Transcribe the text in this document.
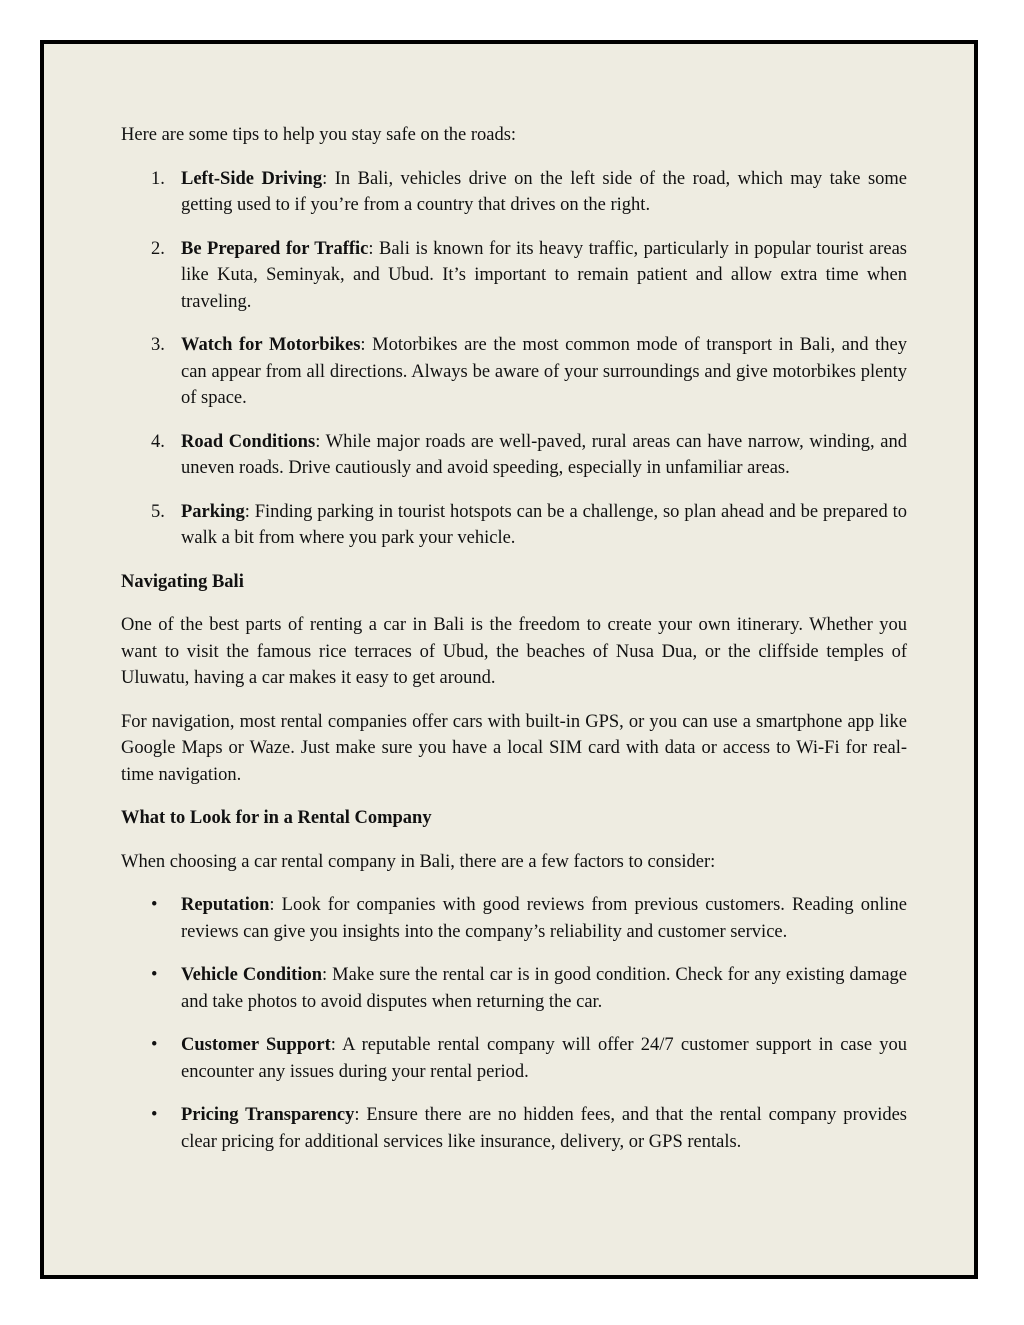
Here are some tips to help you stay safe on the roads:

1. Left-Side Driving: In Bali, vehicles drive on the left side of the road, which may take some getting used to if you’re from a country that drives on the right.
2. Be Prepared for Traffic: Bali is known for its heavy traffic, particularly in popular tourist areas like Kuta, Seminyak, and Ubud. It’s important to remain patient and allow extra time when traveling.
3. Watch for Motorbikes: Motorbikes are the most common mode of transport in Bali, and they can appear from all directions. Always be aware of your surroundings and give motorbikes plenty of space.
4. Road Conditions: While major roads are well-paved, rural areas can have narrow, winding, and uneven roads. Drive cautiously and avoid speeding, especially in unfamiliar areas.
5. Parking: Finding parking in tourist hotspots can be a challenge, so plan ahead and be prepared to walk a bit from where you park your vehicle.

Navigating Bali

One of the best parts of renting a car in Bali is the freedom to create your own itinerary. Whether you want to visit the famous rice terraces of Ubud, the beaches of Nusa Dua, or the cliffside temples of Uluwatu, having a car makes it easy to get around.

For navigation, most rental companies offer cars with built-in GPS, or you can use a smartphone app like Google Maps or Waze. Just make sure you have a local SIM card with data or access to Wi-Fi for real-time navigation.

What to Look for in a Rental Company

When choosing a car rental company in Bali, there are a few factors to consider:

•	Reputation: Look for companies with good reviews from previous customers. Reading online reviews can give you insights into the company’s reliability and customer service.
•	Vehicle Condition: Make sure the rental car is in good condition. Check for any existing damage and take photos to avoid disputes when returning the car.
•	Customer Support: A reputable rental company will offer 24/7 customer support in case you encounter any issues during your rental period.
•	Pricing Transparency: Ensure there are no hidden fees, and that the rental company provides clear pricing for additional services like insurance, delivery, or GPS rentals.
